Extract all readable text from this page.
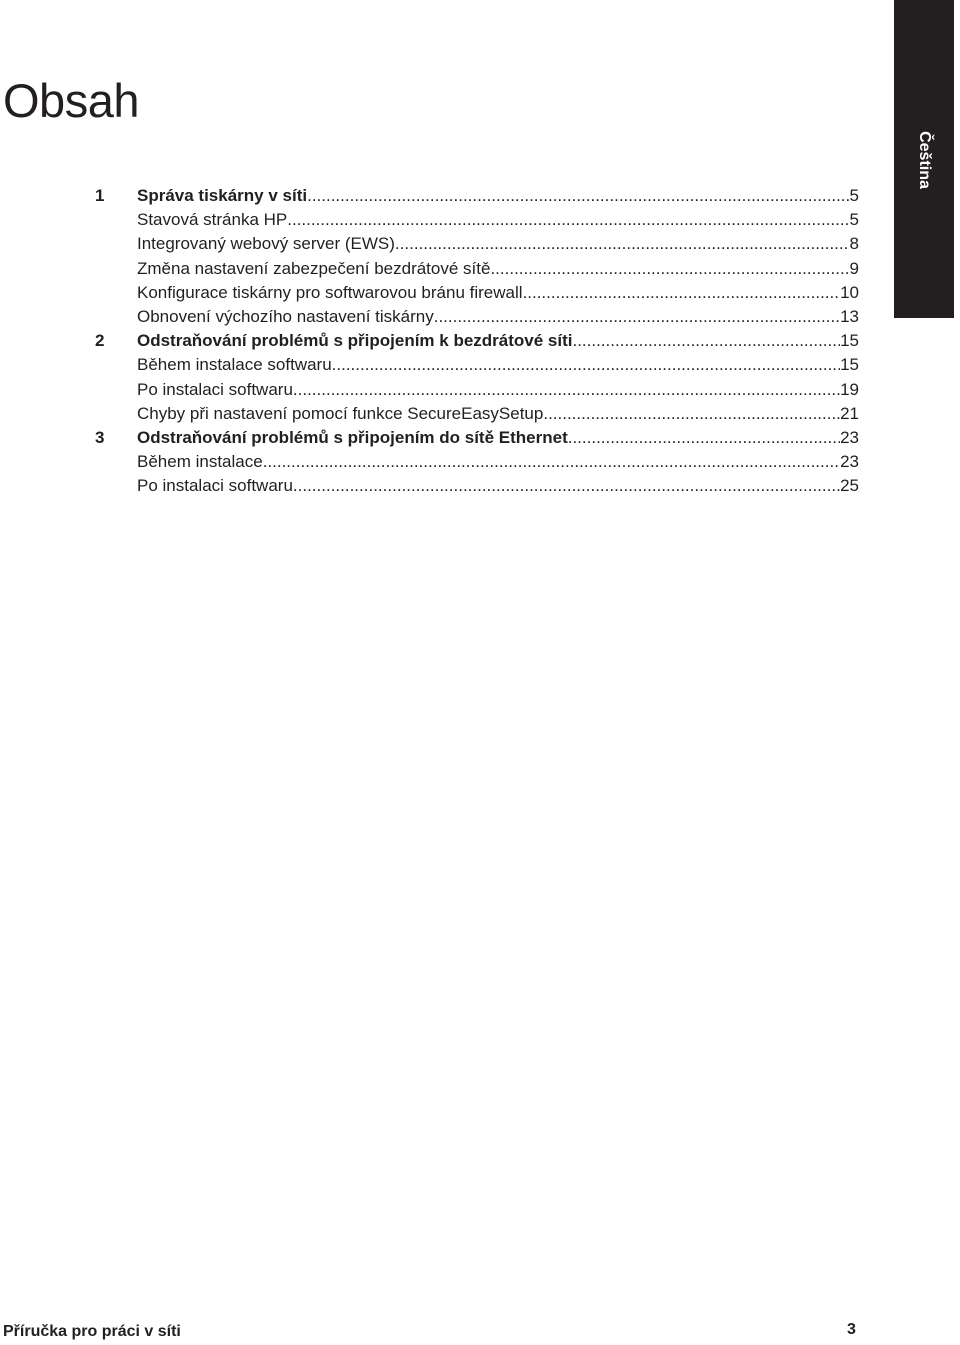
Obsah
Čeština
1	Správa tiskárny v síti .....	5
Stavová stránka HP .....	5
Integrovaný webový server (EWS) .....	8
Změna nastavení zabezpečení bezdrátové sítě .....	9
Konfigurace tiskárny pro softwarovou bránu firewall .....	10
Obnovení výchozího nastavení tiskárny .....	13
2	Odstraňování problémů s připojením k bezdrátové síti .....	15
Během instalace softwaru .....	15
Po instalaci softwaru .....	19
Chyby při nastavení pomocí funkce SecureEasySetup .....	21
3	Odstraňování problémů s připojením do sítě Ethernet .....	23
Během instalace .....	23
Po instalaci softwaru .....	25
Příručka pro práci v síti	3
